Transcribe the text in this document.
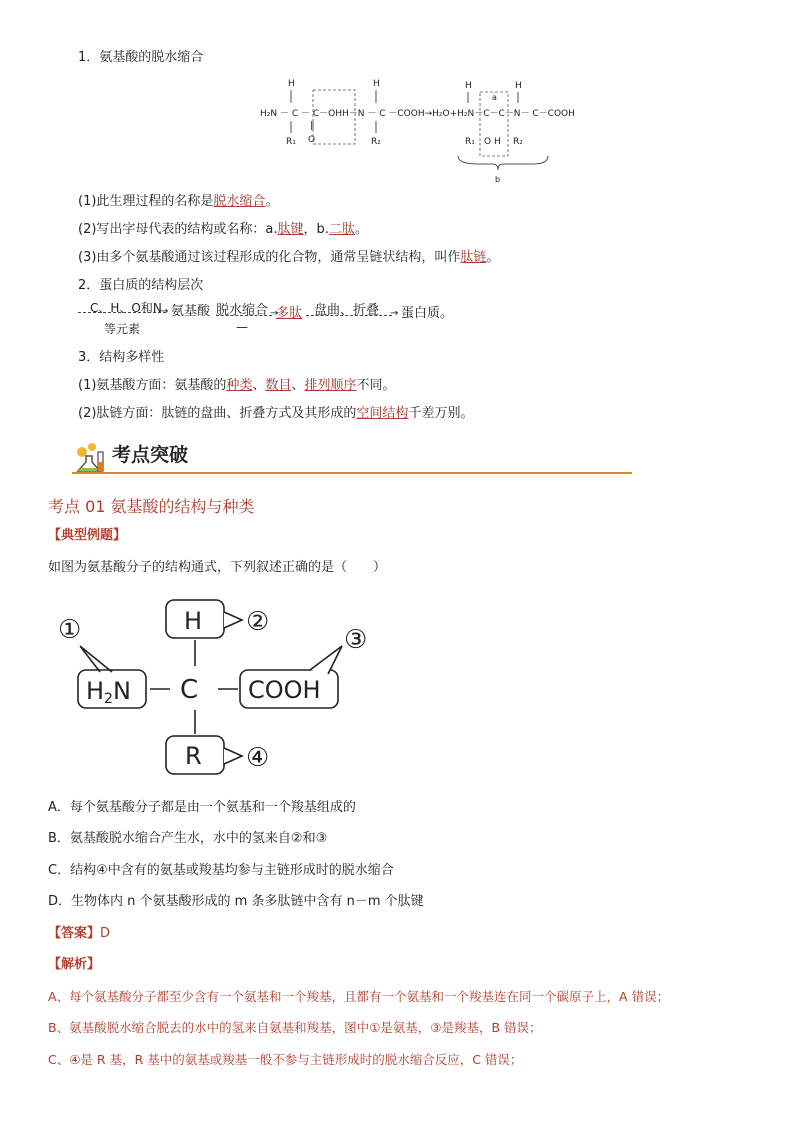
1．氨基酸的脱水缩合
H
H₂N － C － C－OH
R₁
‖
O
H
H－N － C －COOH→H₂O+H₂N－C－C－N－ C－COOH
R₂
H	H
a
R₁ O H R₂
b
(1)此生理过程的名称是脱水缩合。
(2)写出字母代表的结构或名称：a.肽键，b.二肽。
(3)由多个氨基酸通过该过程形成的化合物，通常呈链状结构，叫作肽链。
2．蛋白质的结构层次
C、H、O和N
等元素
→ 氨基酸 脱水缩合 →
—
多肽 盘曲、折叠 → 蛋白质。
3．结构多样性
(1)氨基酸方面：氨基酸的种类、数目、排列顺序不同。
(2)肽链方面：肽链的盘曲、折叠方式及其形成的空间结构千差万别。
考点突破
考点 01 氨基酸的结构与种类
【典型例题】
如图为氨基酸分子的结构通式，下列叙述正确的是（　　）
①
H2N C
H ②
COOH
③
R ④
A．每个氨基酸分子都是由一个氨基和一个羧基组成的
B．氨基酸脱水缩合产生水，水中的氢来自②和③
C．结构④中含有的氨基或羧基均参与主链形成时的脱水缩合
D．生物体内 n 个氨基酸形成的 m 条多肽链中含有 n－m 个肽键
【答案】D
【解析】
A、每个氨基酸分子都至少含有一个氨基和一个羧基，且都有一个氨基和一个羧基连在同一个碳原子上，A 错误；
B、氨基酸脱水缩合脱去的水中的氢来自氨基和羧基，图中①是氨基，③是羧基，B 错误；
C、④是 R 基，R 基中的氨基或羧基一般不参与主链形成时的脱水缩合反应，C 错误；
